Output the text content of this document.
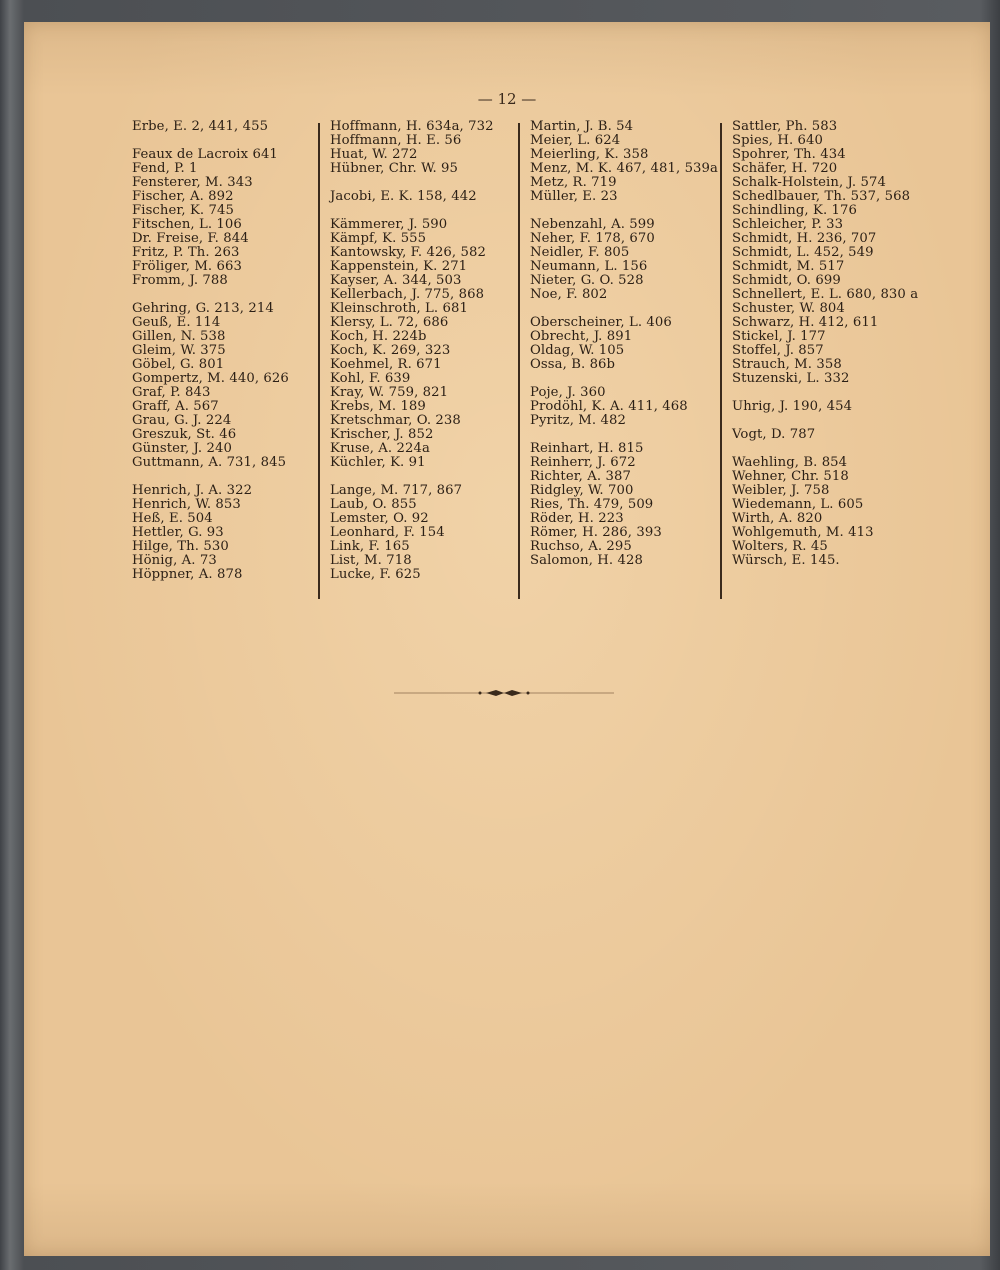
— 12 —
Erbe, E. 2, 441, 455
Feaux de Lacroix 641
Fend, P. 1
Fensterer, M. 343
Fischer, A. 892
Fischer, K. 745
Fitschen, L. 106
Dr. Freise, F. 844
Fritz, P. Th. 263
Fröliger, M. 663
Fromm, J. 788
Gehring, G. 213, 214
Geuß, E. 114
Gillen, N. 538
Gleim, W. 375
Göbel, G. 801
Gompertz, M. 440, 626
Graf, P. 843
Graff, A. 567
Grau, G. J. 224
Greszuk, St. 46
Günster, J. 240
Guttmann, A. 731, 845
Henrich, J. A. 322
Henrich, W. 853
Heß, E. 504
Hettler, G. 93
Hilge, Th. 530
Hönig, A. 73
Höppner, A. 878
Hoffmann, H. 634a, 732
Hoffmann, H. E. 56
Huat, W. 272
Hübner, Chr. W. 95
Jacobi, E. K. 158, 442
Kämmerer, J. 590
Kämpf, K. 555
Kantowsky, F. 426, 582
Kappenstein, K. 271
Kayser, A. 344, 503
Kellerbach, J. 775, 868
Kleinschroth, L. 681
Klersy, L. 72, 686
Koch, H. 224b
Koch, K. 269, 323
Koehmel, R. 671
Kohl, F. 639
Kray, W. 759, 821
Krebs, M. 189
Kretschmar, O. 238
Krischer, J. 852
Kruse, A. 224a
Küchler, K. 91
Lange, M. 717, 867
Laub, O. 855
Lemster, O. 92
Leonhard, F. 154
Link, F. 165
List, M. 718
Lucke, F. 625
Martin, J. B. 54
Meier, L. 624
Meierling, K. 358
Menz, M. K. 467, 481, 539a
Metz, R. 719
Müller, E. 23
Nebenzahl, A. 599
Neher, F. 178, 670
Neidler, F. 805
Neumann, L. 156
Nieter, G. O. 528
Noe, F. 802
Oberscheiner, L. 406
Obrecht, J. 891
Oldag, W. 105
Ossa, B. 86b
Poje, J. 360
Prodöhl, K. A. 411, 468
Pyritz, M. 482
Reinhart, H. 815
Reinherr, J. 672
Richter, A. 387
Ridgley, W. 700
Ries, Th. 479, 509
Röder, H. 223
Römer, H. 286, 393
Ruchso, A. 295
Salomon, H. 428
Sattler, Ph. 583
Spies, H. 640
Spohrer, Th. 434
Schäfer, H. 720
Schalk-Holstein, J. 574
Schedlbauer, Th. 537, 568
Schindling, K. 176
Schleicher, P. 33
Schmidt, H. 236, 707
Schmidt, L. 452, 549
Schmidt, M. 517
Schmidt, O. 699
Schnellert, E. L. 680, 830 a
Schuster, W. 804
Schwarz, H. 412, 611
Stickel, J. 177
Stoffel, J. 857
Strauch, M. 358
Stuzenski, L. 332
Uhrig, J. 190, 454
Vogt, D. 787
Waehling, B. 854
Wehner, Chr. 518
Weibler, J. 758
Wiedemann, L. 605
Wirth, A. 820
Wohlgemuth, M. 413
Wolters, R. 45
Würsch, E. 145.
